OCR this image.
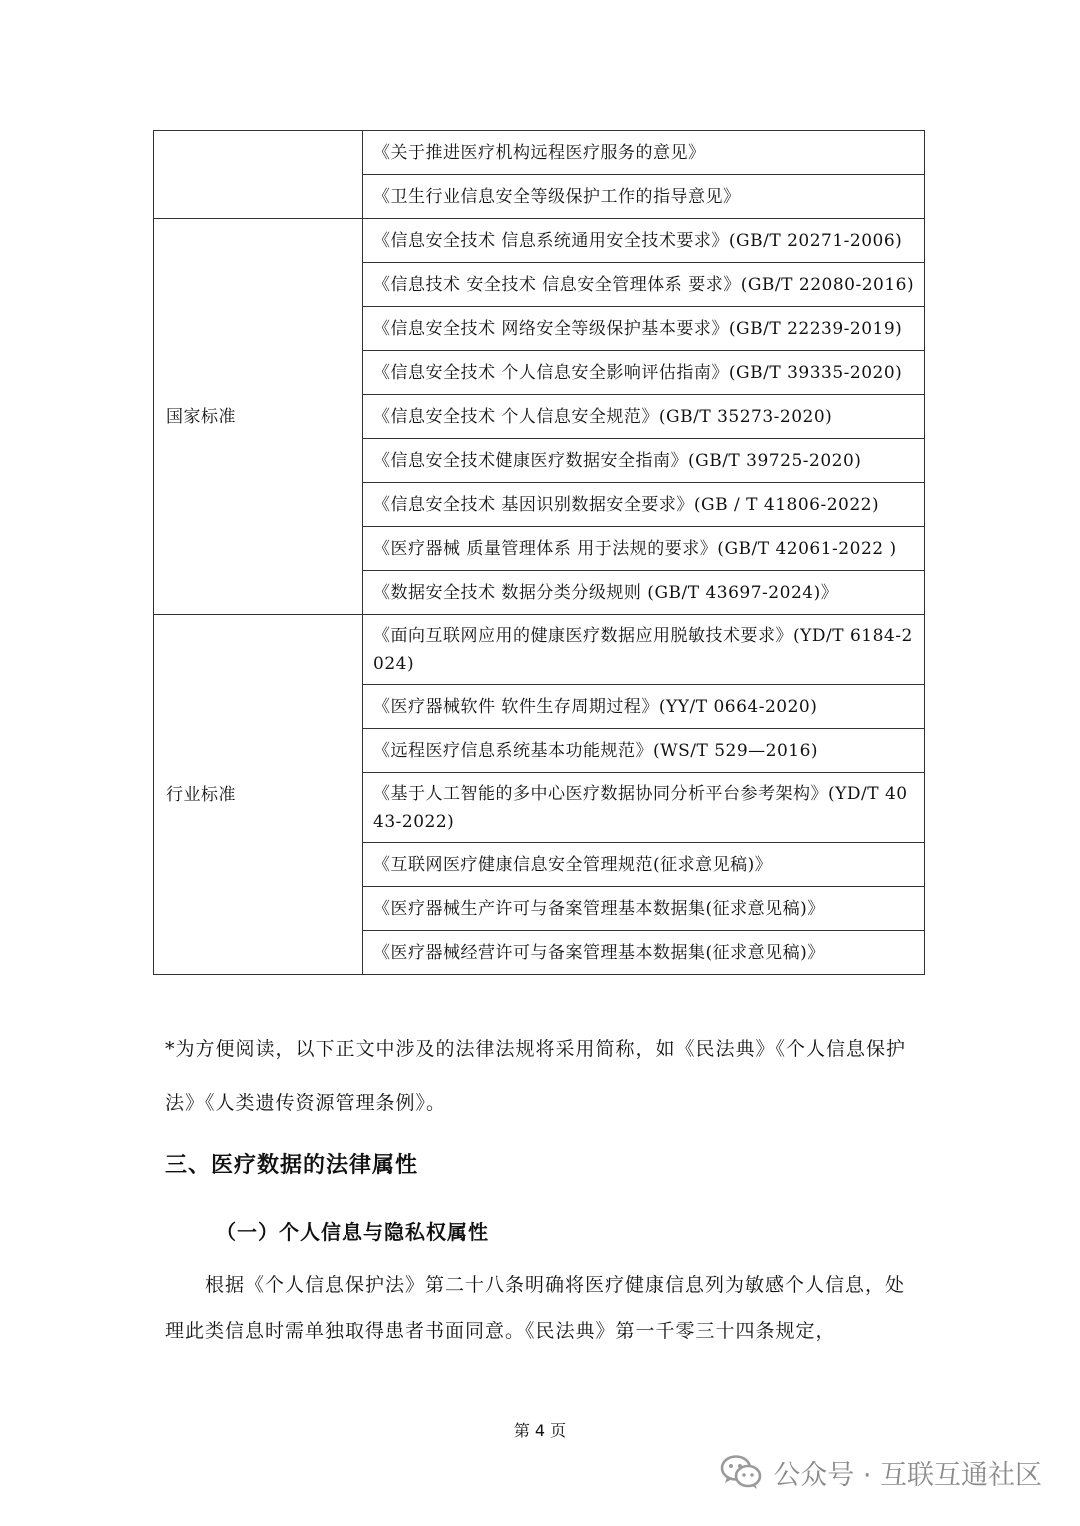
	《关于推进医疗机构远程医疗服务的意见》
	《卫生行业信息安全等级保护工作的指导意见》
国家标准	《信息安全技术 信息系统通用安全技术要求》(GB/T 20271-2006)
	《信息技术 安全技术 信息安全管理体系 要求》(GB/T 22080-2016)
	《信息安全技术 网络安全等级保护基本要求》(GB/T 22239-2019)
	《信息安全技术 个人信息安全影响评估指南》(GB/T 39335-2020)
	《信息安全技术 个人信息安全规范》(GB/T 35273-2020)
	《信息安全技术健康医疗数据安全指南》(GB/T 39725-2020)
	《信息安全技术 基因识别数据安全要求》(GB / T 41806-2022)
	《医疗器械 质量管理体系 用于法规的要求》(GB/T 42061-2022 )
	《数据安全技术 数据分类分级规则 (GB/T 43697-2024)》
行业标准	《面向互联网应用的健康医疗数据应用脱敏技术要求》(YD/T 6184-2024)
	《医疗器械软件 软件生存周期过程》(YY/T 0664-2020)
	《远程医疗信息系统基本功能规范》(WS/T 529—2016)
	《基于人工智能的多中心医疗数据协同分析平台参考架构》(YD/T 4043-2022)
	《互联网医疗健康信息安全管理规范(征求意见稿)》
	《医疗器械生产许可与备案管理基本数据集(征求意见稿)》
	《医疗器械经营许可与备案管理基本数据集(征求意见稿)》
*为方便阅读，以下正文中涉及的法律法规将采用简称，如《民法典》《个人信息保护法》《人类遗传资源管理条例》。
三、医疗数据的法律属性
（一）个人信息与隐私权属性
根据《个人信息保护法》第二十八条明确将医疗健康信息列为敏感个人信息，处理此类信息时需单独取得患者书面同意。《民法典》第一千零三十四条规定，
第 4 页
公众号 · 互联互通社区
